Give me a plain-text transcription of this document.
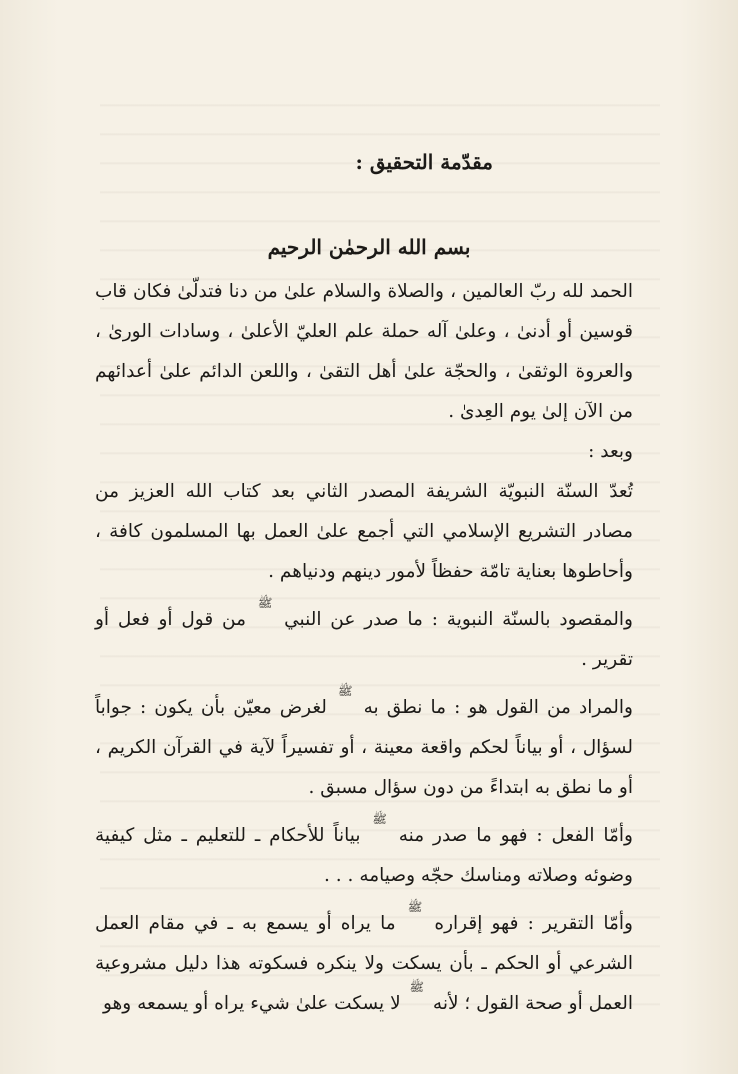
مقدّمة التحقيق :
بسم الله الرحمٰن الرحيم

الحمد لله ربّ العالمين ، والصلاة والسلام علىٰ من دنا فتدلّىٰ فكان قاب قوسين أو أدنىٰ ، وعلىٰ آله حملة علم العليّ الأعلىٰ ، وسادات الورىٰ ، والعروة الوثقىٰ ، والحجّة علىٰ أهل التقىٰ ، واللعن الدائم علىٰ أعدائهم من الآن إلىٰ يوم العِدىٰ .

وبعد :

تُعدّ السنّة النبويّة الشريفة المصدر الثاني بعد كتاب الله العزيز من مصادر التشريع الإسلامي التي أجمع علىٰ العمل بها المسلمون كافة ، وأحاطوها بعناية تامّة حفظاً لأمور دينهم ودنياهم .

والمقصود بالسنّة النبوية : ما صدر عن النبي ﷺ من قول أو فعل أو تقرير .

والمراد من القول هو : ما نطق به ﷺ لغرض معيّن بأن يكون : جواباً لسؤال ، أو بياناً لحكم واقعة معينة ، أو تفسيراً لآية في القرآن الكريم ، أو ما نطق به ابتداءً من دون سؤال مسبق .

وأمّا الفعل : فهو ما صدر منه ﷺ بياناً للأحكام ـ للتعليم ـ مثل كيفية وضوئه وصلاته ومناسك حجّه وصيامه . . .

وأمّا التقرير : فهو إقراره ﷺ ما يراه أو يسمع به ـ في مقام العمل الشرعي أو الحكم ـ بأن يسكت ولا ينكره فسكوته هذا دليل مشروعية العمل أو صحة القول ؛ لأنه ﷺ لا يسكت علىٰ شيء يراه أو يسمعه وهو
